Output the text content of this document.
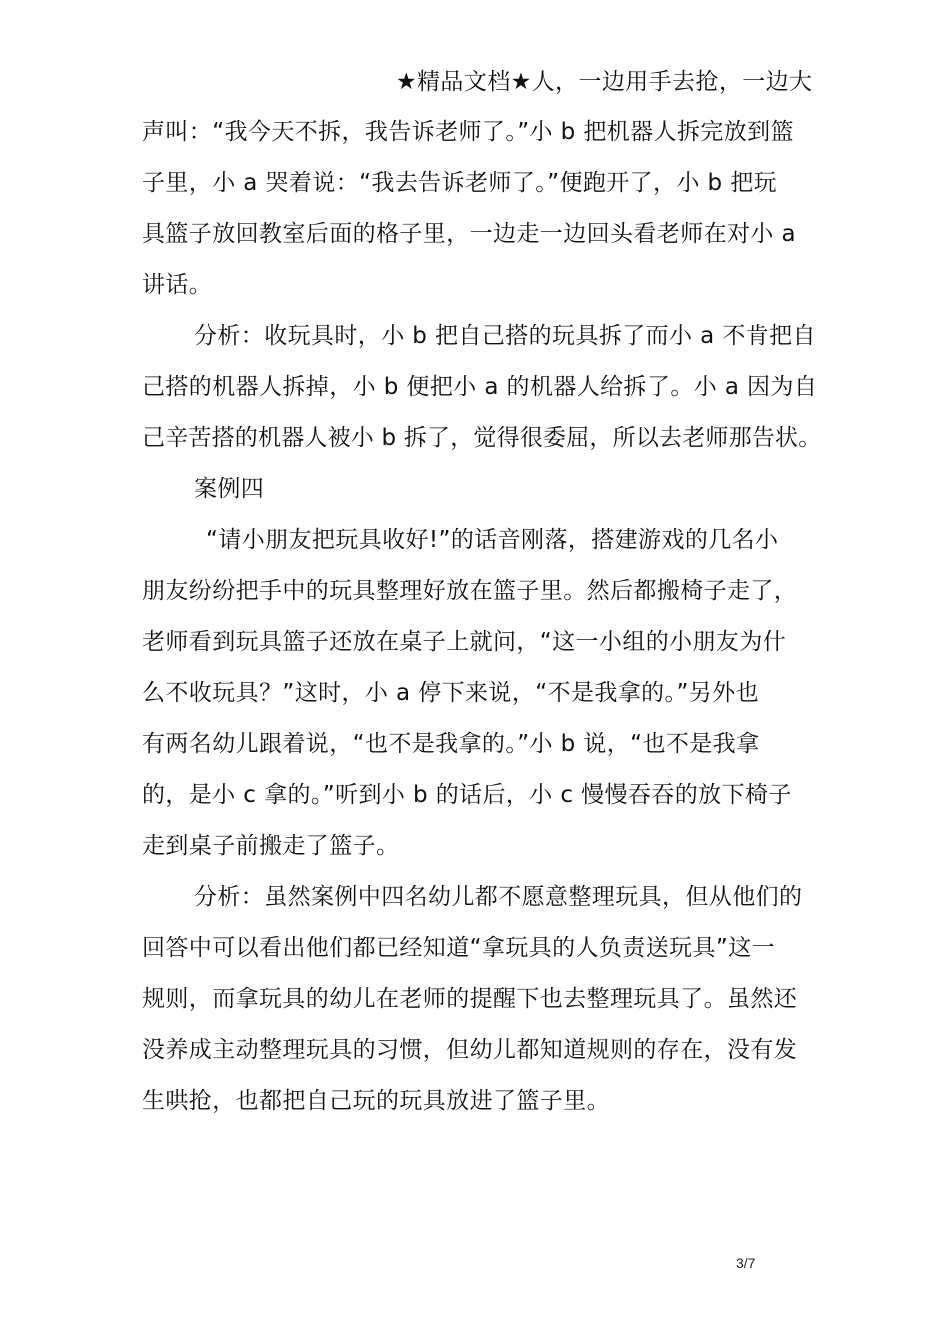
★精品文档★人，一边用手去抢，一边大
声叫：“我今天不拆，我告诉老师了。”小 b 把机器人拆完放到篮
子里，小 a 哭着说：“我去告诉老师了。”便跑开了，小 b 把玩
具篮子放回教室后面的格子里，一边走一边回头看老师在对小 a
讲话。
分析：收玩具时，小 b 把自己搭的玩具拆了而小 a 不肯把自
己搭的机器人拆掉，小 b 便把小 a 的机器人给拆了。小 a 因为自
己辛苦搭的机器人被小 b 拆了，觉得很委屈，所以去老师那告状。
案例四
“请小朋友把玩具收好!”的话音刚落，搭建游戏的几名小
朋友纷纷把手中的玩具整理好放在篮子里。然后都搬椅子走了，
老师看到玩具篮子还放在桌子上就问，“这一小组的小朋友为什
么不收玩具？”这时，小 a 停下来说，“不是我拿的。”另外也
有两名幼儿跟着说，“也不是我拿的。”小 b 说，“也不是我拿
的，是小 c 拿的。”听到小 b 的话后，小 c 慢慢吞吞的放下椅子
走到桌子前搬走了篮子。
分析：虽然案例中四名幼儿都不愿意整理玩具，但从他们的
回答中可以看出他们都已经知道“拿玩具的人负责送玩具”这一
规则，而拿玩具的幼儿在老师的提醒下也去整理玩具了。虽然还
没养成主动整理玩具的习惯，但幼儿都知道规则的存在，没有发
生哄抢，也都把自己玩的玩具放进了篮子里。
3/7
